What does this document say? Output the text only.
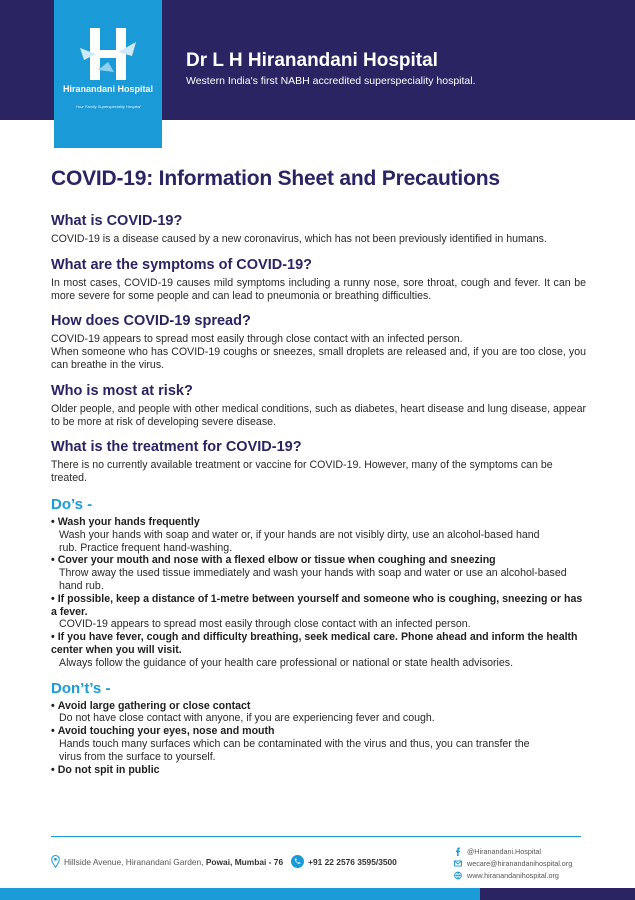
Hiranandani Hospital
Your Family Superspeciality Hospital
Dr L H Hiranandani Hospital
Western India's first NABH accredited superspeciality hospital.
COVID-19: Information Sheet and Precautions
What is COVID-19?

COVID-19 is a disease caused by a new coronavirus, which has not been previously identified in humans.

What are the symptoms of COVID-19?

In most cases, COVID-19 causes mild symptoms including a runny nose, sore throat, cough and fever. It can be more severe for some people and can lead to pneumonia or breathing difficulties.

How does COVID-19 spread?

COVID-19 appears to spread most easily through close contact with an infected person.

When someone who has COVID-19 coughs or sneezes, small droplets are released and, if you are too close, you can breathe in the virus.

Who is most at risk?

Older people, and people with other medical conditions, such as diabetes, heart disease and lung disease, appear to be more at risk of developing severe disease.

What is the treatment for COVID-19?

There is no currently available treatment or vaccine for COVID-19. However, many of the symptoms can be treated.

Do’s -
• Wash your hands frequently
Wash your hands with soap and water or, if your hands are not visibly dirty, use an alcohol-based hand rub. Practice frequent hand-washing.
• Cover your mouth and nose with a flexed elbow or tissue when coughing and sneezing
Throw away the used tissue immediately and wash your hands with soap and water or use an alcohol-based hand rub.
• If possible, keep a distance of 1-metre between yourself and someone who is coughing, sneezing or has a fever.
COVID-19 appears to spread most easily through close contact with an infected person.
• If you have fever, cough and difficulty breathing, seek medical care. Phone ahead and inform the health center when you will visit.
Always follow the guidance of your health care professional or national or state health advisories.
Don’t’s -
• Avoid large gathering or close contact
Do not have close contact with anyone, if you are experiencing fever and cough.
• Avoid touching your eyes, nose and mouth
Hands touch many surfaces which can be contaminated with the virus and thus, you can transfer the virus from the surface to yourself.
• Do not spit in public
Hillside Avenue, Hiranandani Garden,
Powai, Mumbai - 76	+91 22 2576 3595/3500
@Hiranandani.Hospital
wecare@hiranandanihospital.org
www.hiranandanihospital.org
